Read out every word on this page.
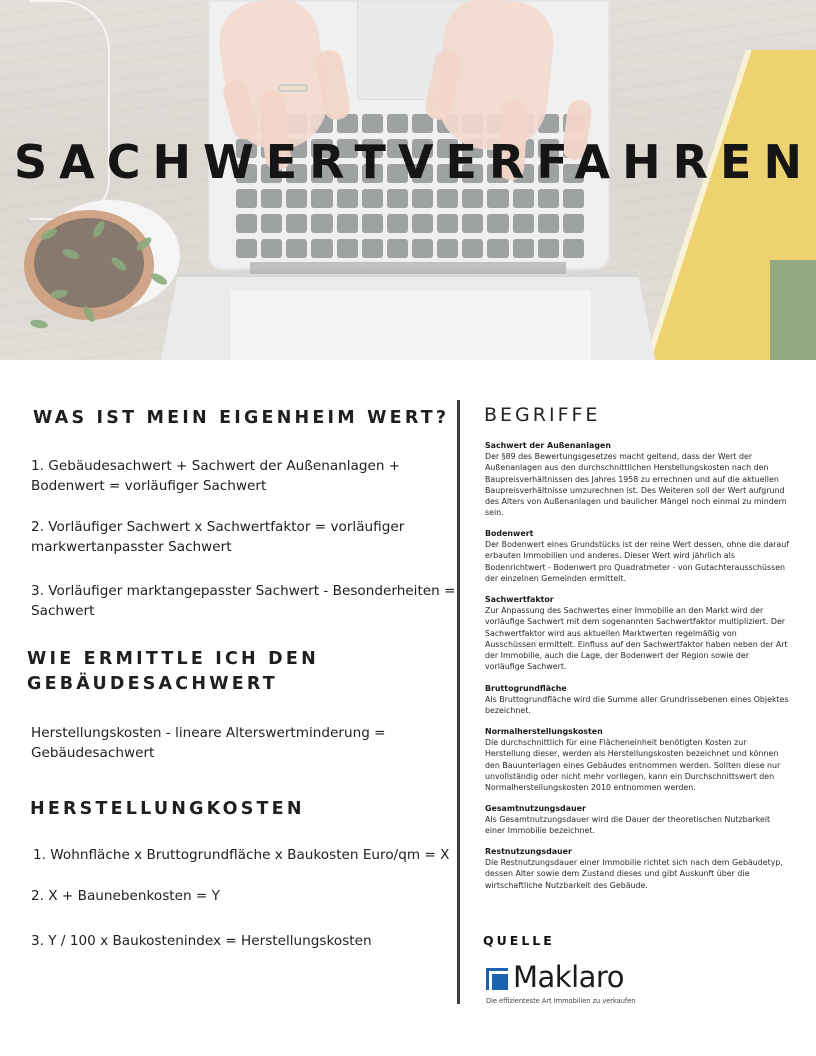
SACHWERTVERFAHREN
WAS IST MEIN EIGENHEIM WERT?
1. Gebäudesachwert + Sachwert der Außenanlagen +
Bodenwert = vorläufiger Sachwert
2. Vorläufiger Sachwert x Sachwertfaktor = vorläufiger
markwertanpasster Sachwert
3. Vorläufiger marktangepasster Sachwert - Besonderheiten =
Sachwert
WIE ERMITTLE ICH DEN
GEBÄUDESACHWERT
Herstellungskosten - lineare Alterswertminderung =
Gebäudesachwert
HERSTELLUNGKOSTEN
1. Wohnfläche x Bruttogrundfläche x Baukosten Euro/qm = X
2. X + Baunebenkosten = Y
3. Y / 100 x Baukostenindex = Herstellungskosten
BEGRIFFE
Sachwert der Außenanlagen
Der §89 des Bewertungsgesetzes macht geltend, dass der Wert der Außenanlagen aus den durchschnittlichen Herstellungskosten nach den Baupreisverhältnissen des Jahres 1958 zu errechnen und auf die aktuellen Baupreisverhältnisse umzurechnen ist. Des Weiteren soll der Wert aufgrund des Alters von Außenanlagen und baulicher Mängel noch einmal zu mindern sein.
Bodenwert
Der Bodenwert eines Grundstücks ist der reine Wert dessen, ohne die darauf erbauten Immobilien und anderes. Dieser Wert wird jährlich als Bodenrichtwert - Bodenwert pro Quadratmeter - von Gutachterausschüssen der einzelnen Gemeinden ermittelt.
Sachwertfaktor
Zur Anpassung des Sachwertes einer Immobilie an den Markt wird der vorläufige Sachwert mit dem sogenannten Sachwertfaktor multipliziert. Der Sachwertfaktor wird aus aktuellen Marktwerten regelmäßig von Ausschüssen ermittelt. Einfluss auf den Sachwertfaktor haben neben der Art der Immobilie, auch die Lage, der Bodenwert der Region sowie der vorläufige Sachwert.
Bruttogrundfläche
Als Bruttogrundfläche wird die Summe aller Grundrissebenen eines Objektes bezeichnet.
Normalherstellungskosten
Die durchschnittlich für eine Flächeneinheit benötigten Kosten zur Herstellung dieser, werden als Herstellungskosten bezeichnet und können den Bauunterlagen eines Gebäudes entnommen werden. Sollten diese nur unvollständig oder nicht mehr vorliegen, kann ein Durchschnittswert den Normalherstellungskosten 2010 entnommen werden.
Gesamtnutzungsdauer
Als Gesamtnutzungsdauer wird die Dauer der theoretischen Nutzbarkeit einer Immobilie bezeichnet.
Restnutzungsdauer
Die Restnutzungsdauer einer Immobilie richtet sich nach dem Gebäudetyp, dessen Alter sowie dem Zustand dieses und gibt Auskunft über die wirtschaftliche Nutzbarkeit des Gebäude.
QUELLE
Maklaro
Die effizienteste Art Immobilien zu verkaufen
